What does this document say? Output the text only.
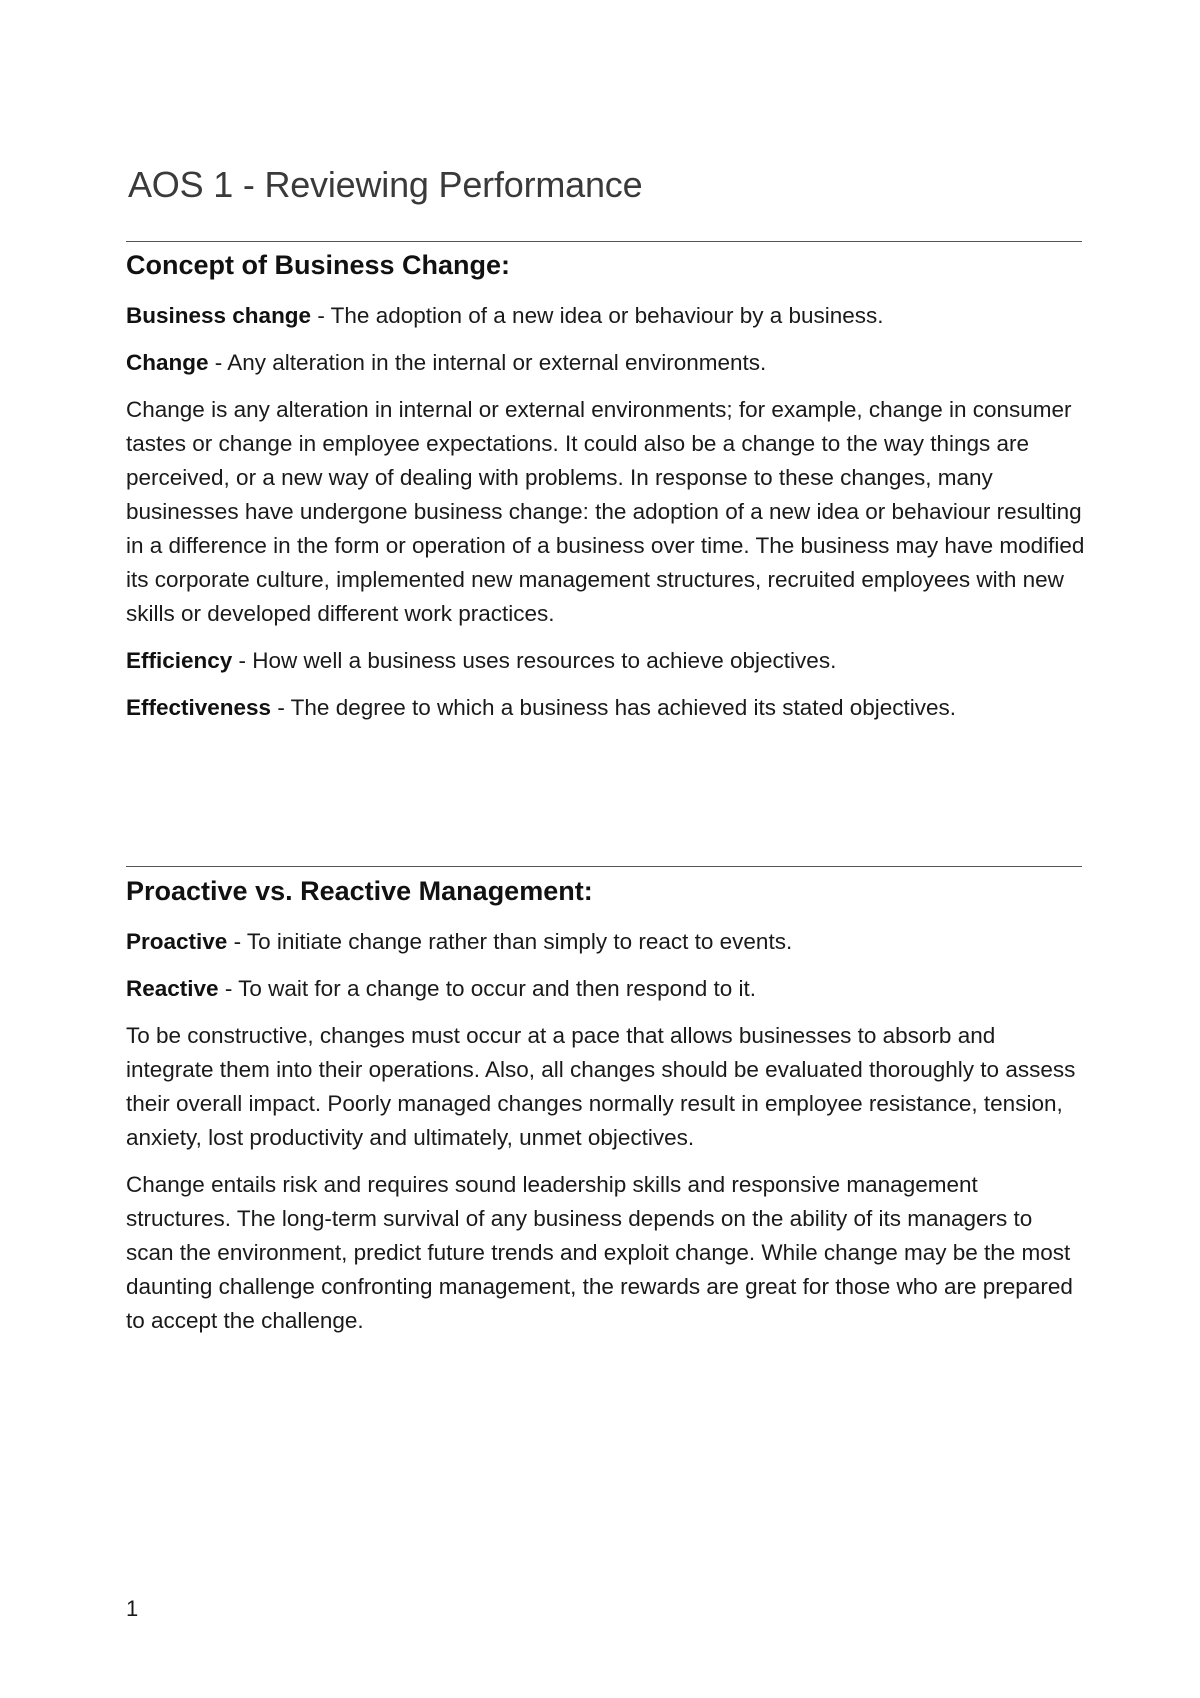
AOS 1 - Reviewing Performance
Concept of Business Change:

Business change - The adoption of a new idea or behaviour by a business.

Change - Any alteration in the internal or external environments.

Change is any alteration in internal or external environments; for example, change in consumer tastes or change in employee expectations. It could also be a change to the way things are perceived, or a new way of dealing with problems. In response to these changes, many businesses have undergone business change: the adoption of a new idea or behaviour resulting in a difference in the form or operation of a business over time. The business may have modified its corporate culture, implemented new management structures, recruited employees with new skills or developed different work practices.

Efficiency - How well a business uses resources to achieve objectives.

Effectiveness - The degree to which a business has achieved its stated objectives.

Proactive vs. Reactive Management:

Proactive - To initiate change rather than simply to react to events.

Reactive - To wait for a change to occur and then respond to it.

To be constructive, changes must occur at a pace that allows businesses to absorb and integrate them into their operations. Also, all changes should be evaluated thoroughly to assess their overall impact. Poorly managed changes normally result in employee resistance, tension, anxiety, lost productivity and ultimately, unmet objectives.

Change entails risk and requires sound leadership skills and responsive management structures. The long-term survival of any business depends on the ability of its managers to scan the environment, predict future trends and exploit change. While change may be the most daunting challenge confronting management, the rewards are great for those who are prepared to accept the challenge.

1
